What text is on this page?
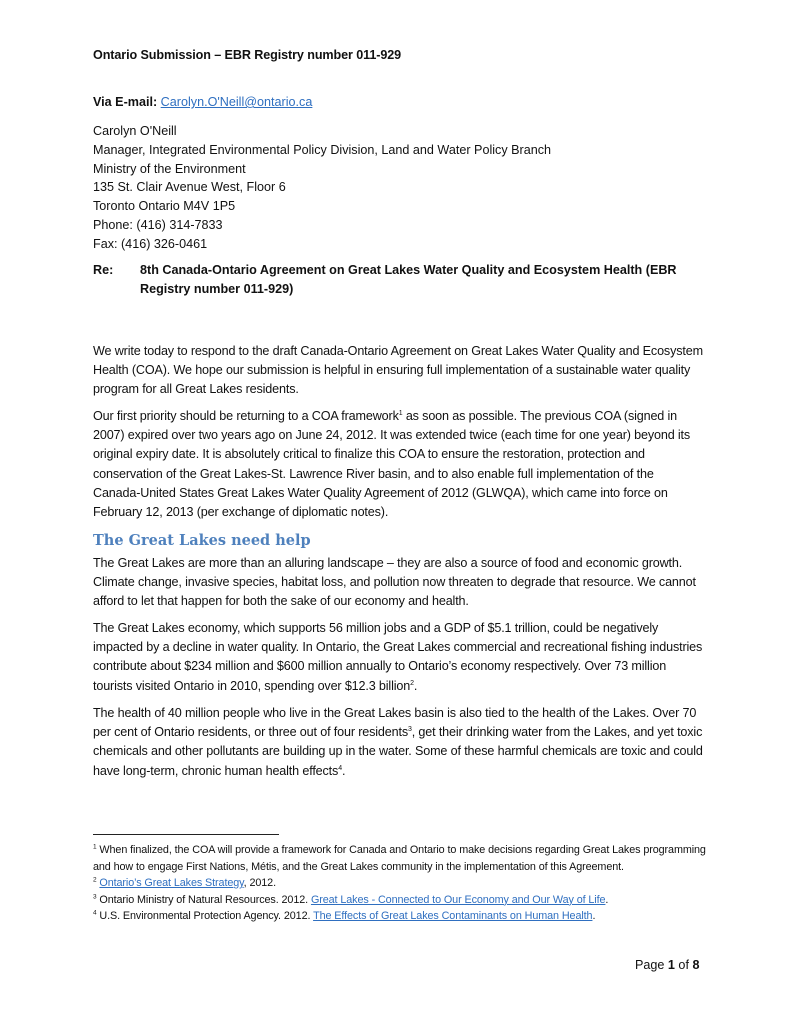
Ontario Submission – EBR Registry number 011-929
Via E-mail: Carolyn.O'Neill@ontario.ca
Carolyn O'Neill
Manager, Integrated Environmental Policy Division, Land and Water Policy Branch
Ministry of the Environment
135 St. Clair Avenue West, Floor 6
Toronto Ontario M4V 1P5
Phone: (416) 314-7833
Fax: (416) 326-0461
Re: 8th Canada-Ontario Agreement on Great Lakes Water Quality and Ecosystem Health (EBR Registry number 011-929)
We write today to respond to the draft Canada-Ontario Agreement on Great Lakes Water Quality and Ecosystem Health (COA). We hope our submission is helpful in ensuring full implementation of a sustainable water quality program for all Great Lakes residents.
Our first priority should be returning to a COA framework$^1$ as soon as possible. The previous COA (signed in 2007) expired over two years ago on June 24, 2012. It was extended twice (each time for one year) beyond its original expiry date. It is absolutely critical to finalize this COA to ensure the restoration, protection and conservation of the Great Lakes-St. Lawrence River basin, and to also enable full implementation of the Canada-United States Great Lakes Water Quality Agreement of 2012 (GLWQA), which came into force on February 12, 2013 (per exchange of diplomatic notes).
The Great Lakes need help
The Great Lakes are more than an alluring landscape – they are also a source of food and economic growth. Climate change, invasive species, habitat loss, and pollution now threaten to degrade that resource. We cannot afford to let that happen for both the sake of our economy and health.
The Great Lakes economy, which supports 56 million jobs and a GDP of $5.1 trillion, could be negatively impacted by a decline in water quality. In Ontario, the Great Lakes commercial and recreational fishing industries contribute about $234 million and $600 million annually to Ontario’s economy respectively. Over 73 million tourists visited Ontario in 2010, spending over $12.3 billion$^2$.
The health of 40 million people who live in the Great Lakes basin is also tied to the health of the Lakes. Over 70 per cent of Ontario residents, or three out of four residents$^3$, get their drinking water from the Lakes, and yet toxic chemicals and other pollutants are building up in the water. Some of these harmful chemicals are toxic and could have long-term, chronic human health effects$^4$.
$^1$ When finalized, the COA will provide a framework for Canada and Ontario to make decisions regarding Great Lakes programming and how to engage First Nations, Métis, and the Great Lakes community in the implementation of this Agreement.
$^2$ Ontario’s Great Lakes Strategy, 2012.
$^3$ Ontario Ministry of Natural Resources. 2012. Great Lakes - Connected to Our Economy and Our Way of Life.
$^4$ U.S. Environmental Protection Agency. 2012. The Effects of Great Lakes Contaminants on Human Health.
Page 1 of 8
